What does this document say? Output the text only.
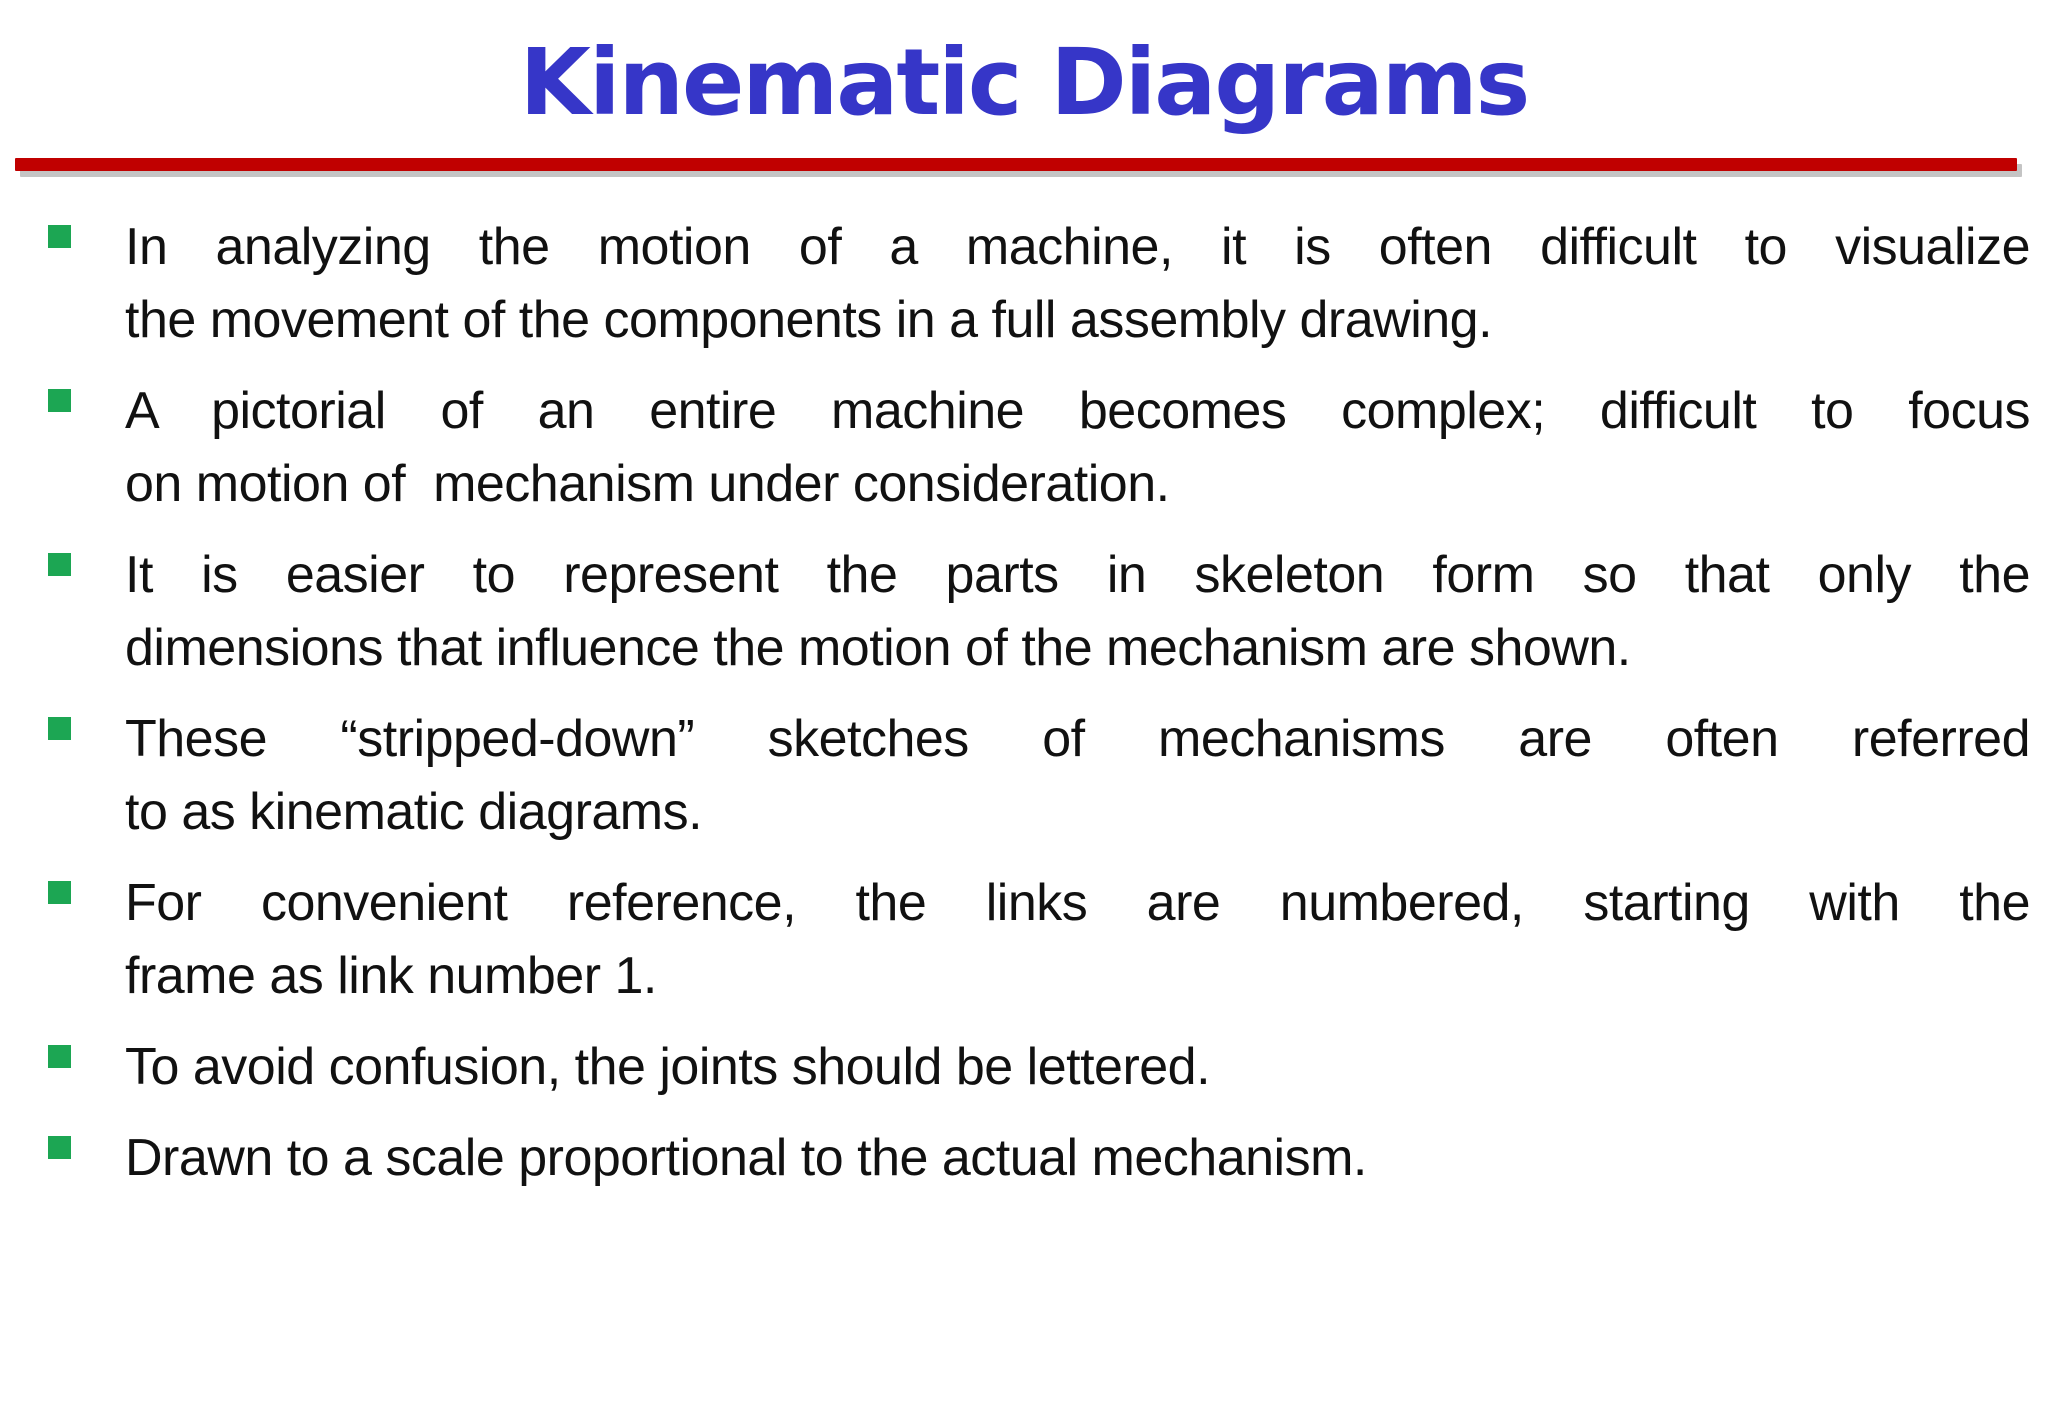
Kinematic Diagrams
In analyzing the motion of a machine, it is often difficult to visualize
the movement of the components in a full assembly drawing.
A pictorial of an entire machine becomes complex; difficult to focus
on motion of  mechanism under consideration.
It is easier to represent the parts in skeleton form so that only the
dimensions that influence the motion of the mechanism are shown.
These “stripped-down” sketches of mechanisms are often referred
to as kinematic diagrams.
For convenient reference, the links are numbered, starting with the
frame as link number 1.
To avoid confusion, the joints should be lettered.
Drawn to a scale proportional to the actual mechanism.
